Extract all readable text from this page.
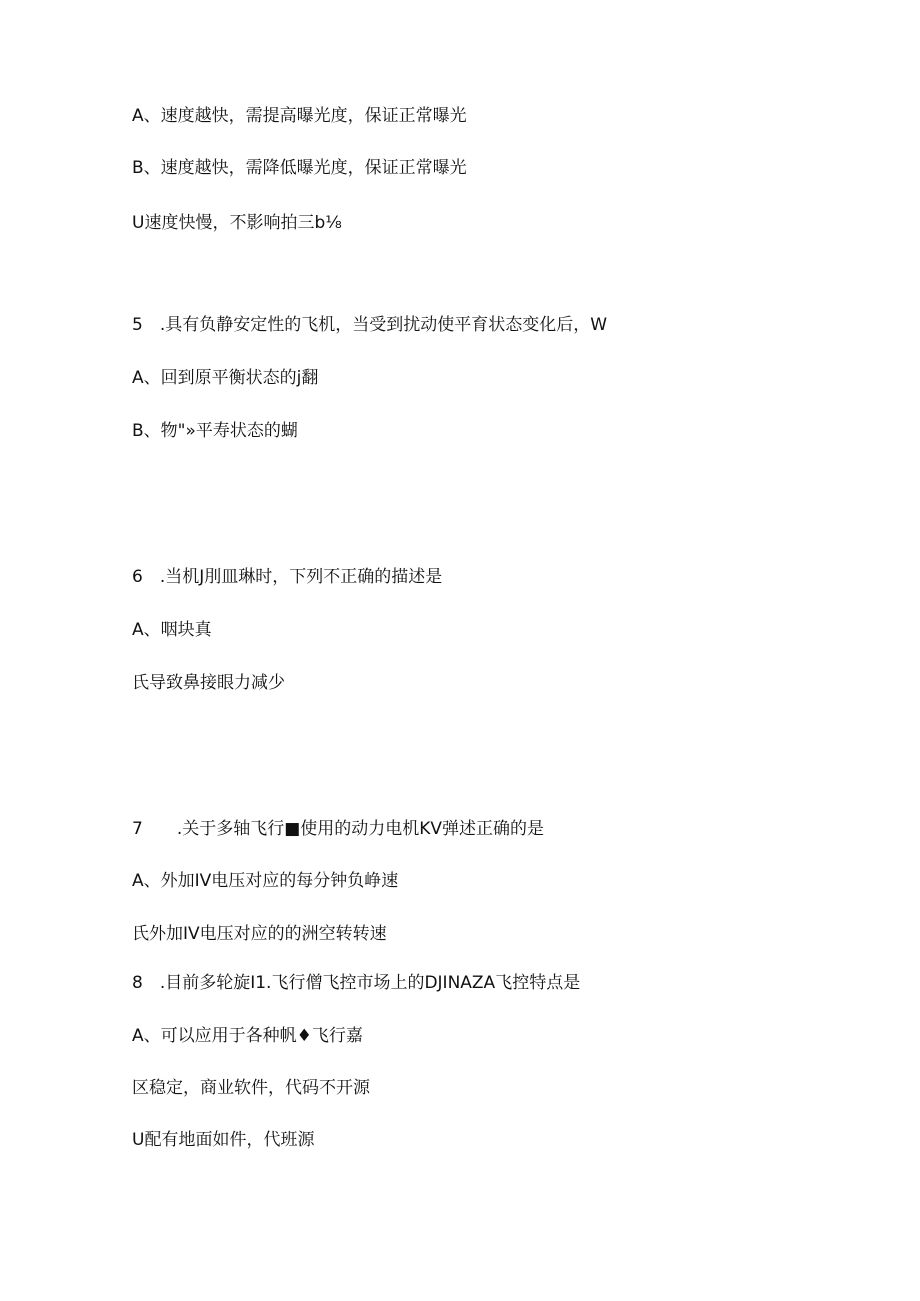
A、速度越快，需提高曝光度，保证正常曝光
B、速度越快，需降低曝光度，保证正常曝光
U速度快慢，不影响拍三b⅛
5　.具有负静安定性的飞机，当受到扰动使平育状态变化后，W
A、回到原平衡状态的j翻
B、物"»平寿状态的蝴
6　.当机J刖皿琳时，下列不正确的描述是
A、咽块真
氏导致鼻接眼力减少
7　　.关于多轴飞行■使用的动力电机KV弹述正确的是
A、外加IV电压对应的每分钟负峥速
氏外加IV电压对应的的洲空转转速
8　.目前多轮旋I1.飞行僧飞控市场上的DJINAZA飞控特点是
A、可以应用于各种帆♦飞行嘉
区稳定，商业软件，代码不开源
U配有地面如件，代班源
